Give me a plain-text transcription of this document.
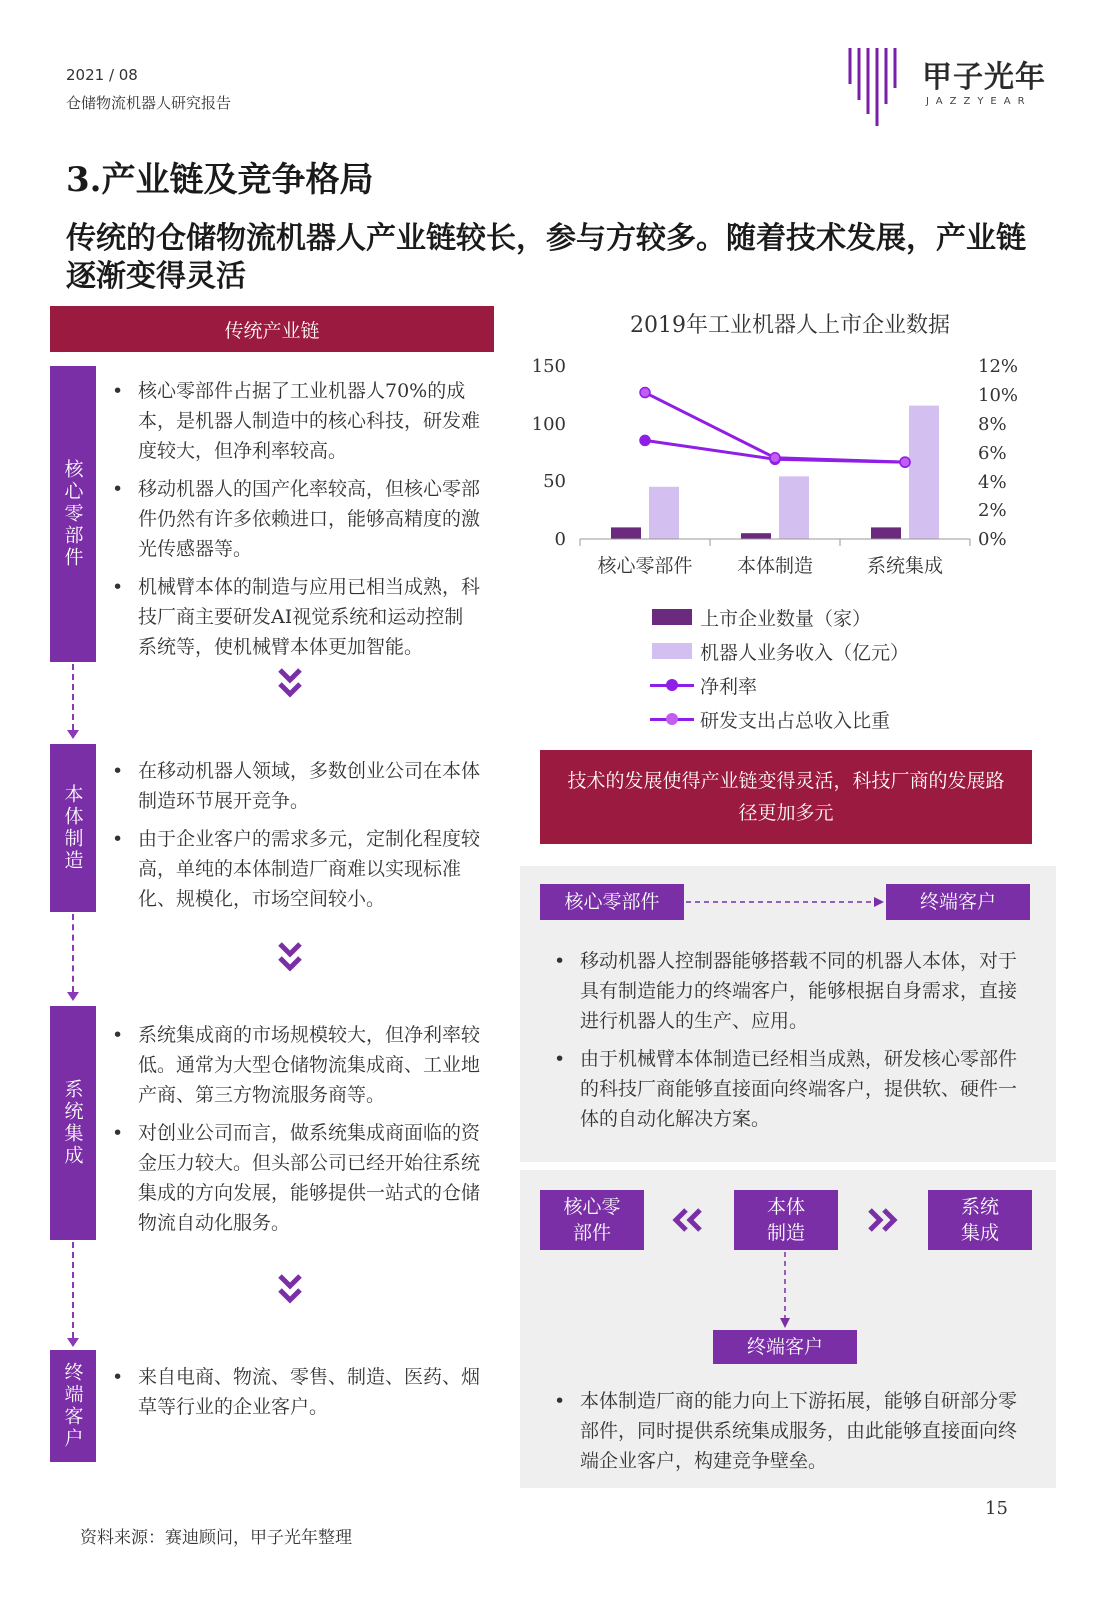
2021 / 08
仓储物流机器人研究报告
甲子光年
JAZZYEAR
3.产业链及竞争格局
传统的仓储物流机器人产业链较长，参与方较多。随着技术发展，产业链逐渐变得灵活
传统产业链
核心零部件
• 核心零部件占据了工业机器人70%的成本，是机器人制造中的核心科技，研发难度较大，但净利率较高。
• 移动机器人的国产化率较高，但核心零部件仍然有许多依赖进口，能够高精度的激光传感器等。
• 机械臂本体的制造与应用已相当成熟，科技厂商主要研发AI视觉系统和运动控制系统等，使机械臂本体更加智能。
本体制造
• 在移动机器人领域，多数创业公司在本体制造环节展开竞争。
• 由于企业客户的需求多元，定制化程度较高，单纯的本体制造厂商难以实现标准化、规模化，市场空间较小。
系统集成
• 系统集成商的市场规模较大，但净利率较低。通常为大型仓储物流集成商、工业地产商、第三方物流服务商等。
• 对创业公司而言，做系统集成商面临的资金压力较大。但头部公司已经开始往系统集成的方向发展，能够提供一站式的仓储物流自动化服务。
终端客户
•	来自电商、物流、零售、制造、医药、烟草等行业的企业客户。
2019年工业机器人上市企业数据
150
100
50
0
12%
10%
8%
6%
4%
2%
0%
核心零部件 本体制造	系统集成
上市企业数量（家）
机器人业务收入（亿元）
净利率
研发支出占总收入比重
技术的发展使得产业链变得灵活，科技厂商的发展路径更加多元
核心零部件	终端客户
• 移动机器人控制器能够搭载不同的机器人本体，对于具有制造能力的终端客户，能够根据自身需求，直接进行机器人的生产、应用。
• 由于机械臂本体制造已经相当成熟，研发核心零部件的科技厂商能够直接面向终端客户，提供软、硬件一体的自动化解决方案。
核心零部件
本体制造
系统集成
终端客户
• 本体制造厂商的能力向上下游拓展，能够自研部分零部件，同时提供系统集成服务，由此能够直接面向终端企业客户，构建竞争壁垒。
15
资料来源：赛迪顾问，甲子光年整理
